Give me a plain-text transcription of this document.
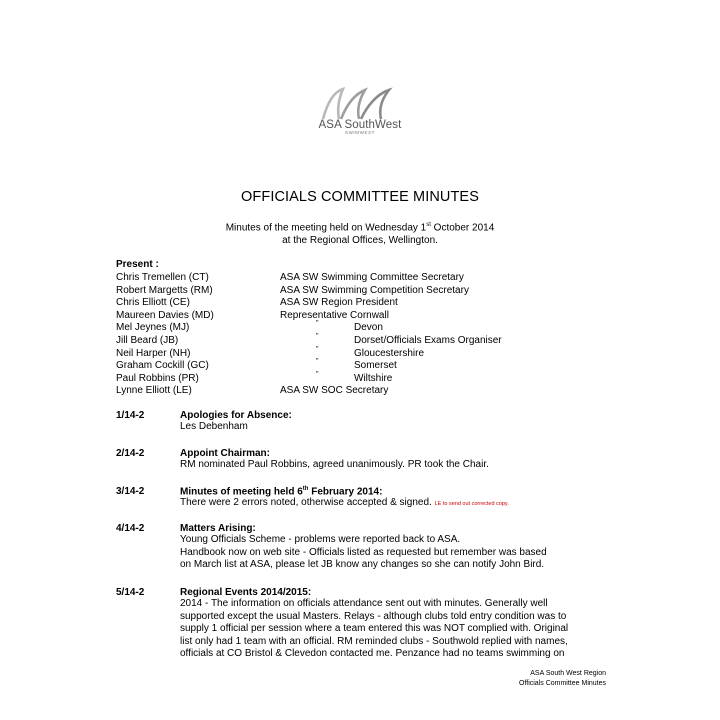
ASA SouthWest
SWIMWEST
OFFICIALS COMMITTEE MINUTES
Minutes of the meeting held on Wednesday 1st October 2014
at the Regional Offices, Wellington.
Present :
Chris Tremellen (CT)	ASA SW Swimming Committee Secretary
Robert Margetts (RM)	ASA SW Swimming Competition Secretary
Chris Elliott (CE)	ASA SW Region President
Maureen Davies (MD)	Representative Cornwall
Mel Jeynes (MJ)	"	Devon
Jill Beard (JB)	"	Dorset/Officials Exams Organiser
Neil Harper (NH)	"	Gloucestershire
Graham Cockill (GC)	"	Somerset
Paul Robbins (PR)	"	Wiltshire
Lynne Elliott (LE)	ASA SW SOC Secretary
1/14-2	Apologies for Absence:
Les Debenham
2/14-2	Appoint Chairman:
RM nominated Paul Robbins, agreed unanimously. PR took the Chair.
3/14-2	Minutes of meeting held 6th February 2014:
There were 2 errors noted, otherwise accepted & signed. LE to send out corrected copy.
4/14-2	Matters Arising:
Young Officials Scheme - problems were reported back to ASA.
Handbook now on web site - Officials listed as requested but remember was based
on March list at ASA, please let JB know any changes so she can notify John Bird.
5/14-2	Regional Events 2014/2015:
2014 - The information on officials attendance sent out with minutes. Generally well
supported except the usual Masters. Relays - although clubs told entry condition was to
supply 1 official per session where a team entered this was NOT complied with. Original
list only had 1 team with an official. RM reminded clubs - Southwold replied with names,
officials at CO Bristol & Clevedon contacted me. Penzance had no teams swimming on
ASA South West Region
Officials Committee Minutes
